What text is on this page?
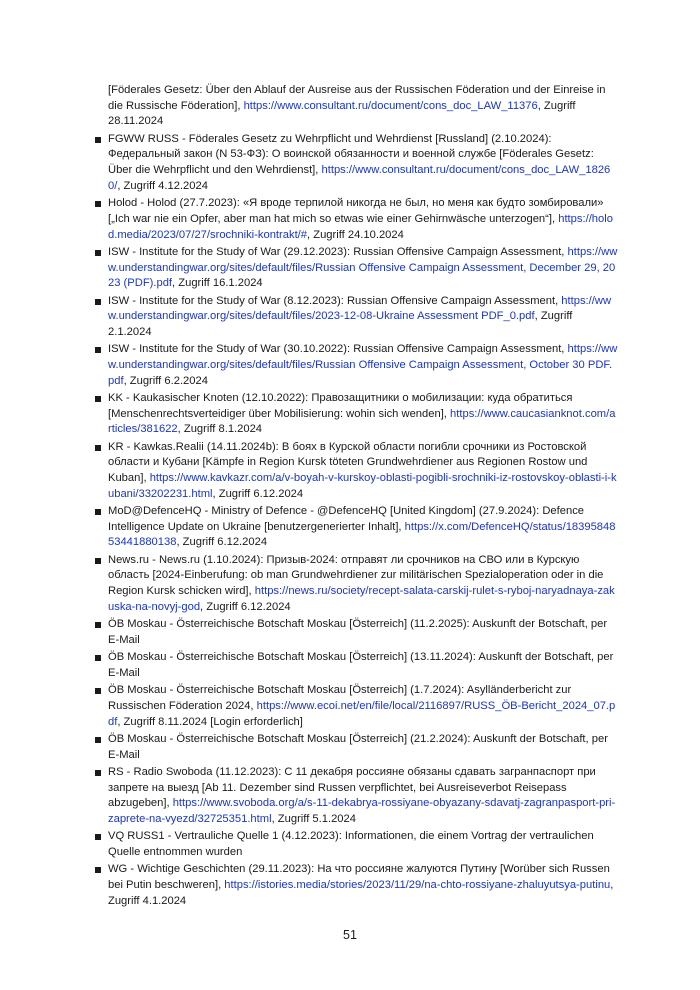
[Föderales Gesetz: Über den Ablauf der Ausreise aus der Russischen Föderation und der Einreise in die Russische Föderation], https://www.consultant.ru/document/cons_doc_LAW_11376, Zugriff 28.11.2024
FGWW RUSS - Föderales Gesetz zu Wehrpflicht und Wehrdienst [Russland] (2.10.2024): Федеральный закон (N 53-ФЗ): О воинской обязанности и военной службе [Föderales Gesetz: Über die Wehrpflicht und den Wehrdienst], https://www.consultant.ru/document/cons_doc_LAW_18260/, Zugriff 4.12.2024
Holod - Holod (27.7.2023): «Я вроде терпилой никогда не был, но меня как будто зомбировали» [„Ich war nie ein Opfer, aber man hat mich so etwas wie einer Gehirnwäsche unterzogen“], https://holod.media/2023/07/27/srochniki-kontrakt/#, Zugriff 24.10.2024
ISW - Institute for the Study of War (29.12.2023): Russian Offensive Campaign Assessment, https://www.understandingwar.org/sites/default/files/Russian Offensive Campaign Assessment, December 29, 2023 (PDF).pdf, Zugriff 16.1.2024
ISW - Institute for the Study of War (8.12.2023): Russian Offensive Campaign Assessment, https://www.understandingwar.org/sites/default/files/2023-12-08-Ukraine Assessment PDF_0.pdf, Zugriff 2.1.2024
ISW - Institute for the Study of War (30.10.2022): Russian Offensive Campaign Assessment, https://www.understandingwar.org/sites/default/files/Russian Offensive Campaign Assessment, October 30 PDF.pdf, Zugriff 6.2.2024
KK - Kaukasischer Knoten (12.10.2022): Правозащитники о мобилизации: куда обратиться [Menschenrechtsverteidiger über Mobilisierung: wohin sich wenden], https://www.caucasianknot.com/articles/381622, Zugriff 8.1.2024
KR - Kawkas.Realii (14.11.2024b): В боях в Курской области погибли срочники из Ростовской области и Кубани [Kämpfe in Region Kursk töteten Grundwehrdiener aus Regionen Rostow und Kuban], https://www.kavkazr.com/a/v-boyah-v-kurskoy-oblasti-pogibli-srochniki-iz-rostovskoy-oblasti-i-kubani/33202231.html, Zugriff 6.12.2024
MoD@DefenceHQ - Ministry of Defence - @DefenceHQ [United Kingdom] (27.9.2024): Defence Intelligence Update on Ukraine [benutzergenerierter Inhalt], https://x.com/DefenceHQ/status/1839584853441880138, Zugriff 6.12.2024
News.ru - News.ru (1.10.2024): Призыв-2024: отправят ли срочников на СВО или в Курскую область [2024-Einberufung: ob man Grundwehrdiener zur militärischen Spezialoperation oder in die Region Kursk schicken wird], https://news.ru/society/recept-salata-carskij-rulet-s-ryboj-naryadnaya-zakuska-na-novyj-god, Zugriff 6.12.2024
ÖB Moskau - Österreichische Botschaft Moskau [Österreich] (11.2.2025): Auskunft der Botschaft, per E-Mail
ÖB Moskau - Österreichische Botschaft Moskau [Österreich] (13.11.2024): Auskunft der Botschaft, per E-Mail
ÖB Moskau - Österreichische Botschaft Moskau [Österreich] (1.7.2024): Asylländerbericht zur Russischen Föderation 2024, https://www.ecoi.net/en/file/local/2116897/RUSS_ÖB-Bericht_2024_07.pdf, Zugriff 8.11.2024 [Login erforderlich]
ÖB Moskau - Österreichische Botschaft Moskau [Österreich] (21.2.2024): Auskunft der Botschaft, per E-Mail
RS - Radio Swoboda (11.12.2023): С 11 декабря россияне обязаны сдавать загранпаспорт при запрете на выезд [Ab 11. Dezember sind Russen verpflichtet, bei Ausreiseverbot Reisepass abzugeben], https://www.svoboda.org/a/s-11-dekabrya-rossiyane-obyazany-sdavatj-zagranpasport-pri-zaprete-na-vyezd/32725351.html, Zugriff 5.1.2024
VQ RUSS1 - Vertrauliche Quelle 1 (4.12.2023): Informationen, die einem Vortrag der vertraulichen Quelle entnommen wurden
WG - Wichtige Geschichten (29.11.2023): На что россияне жалуются Путину [Worüber sich Russen bei Putin beschweren], https://istories.media/stories/2023/11/29/na-chto-rossiyane-zhaluyutsya-putinu, Zugriff 4.1.2024
51
